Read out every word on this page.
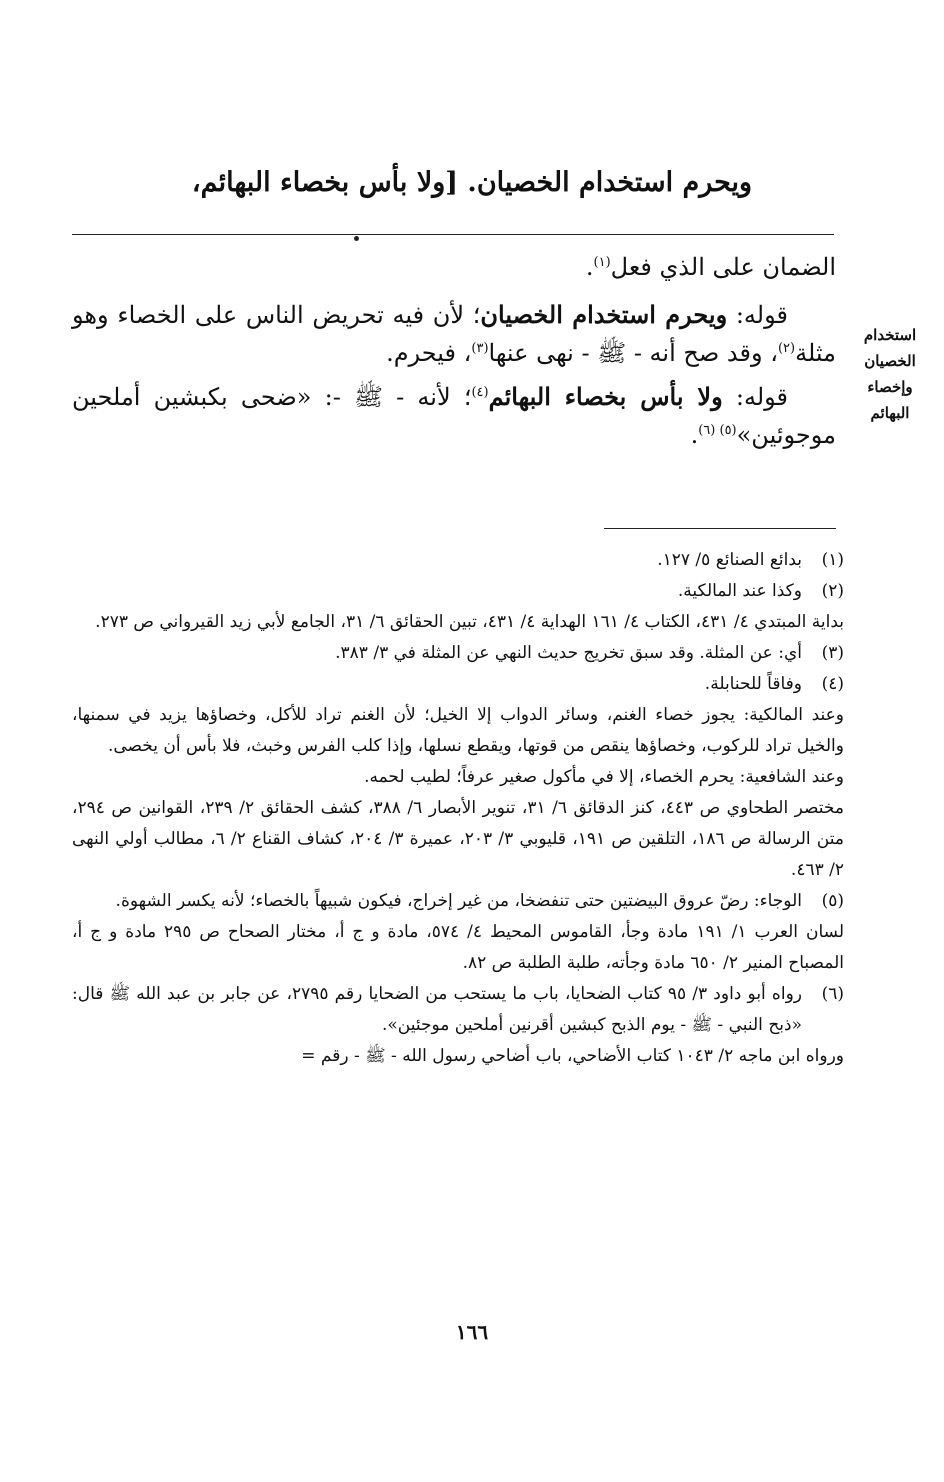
ويحرم استخدام الخصيان. [ولا بأس بخصاء البهائم،
استخدام
الخصيان
وإخصاء
البهائم

الضمان على الذي فعل$^{(١)}$.

قوله: ويحرم استخدام الخصيان؛ لأن فيه تحريض الناس على الخصاء وهو مثلة$^{(٢)}$، وقد صح أنه - ﷺ - نهى عنها$^{(٣)}$، فيحرم.

قوله: ولا بأس بخصاء البهائم$^{(٤)}$؛ لأنه - ﷺ -: «ضحى بكبشين أملحين موجوئين»$^{(٥) (٦)}$.

(١)
بدائع الصنائع ٥/ ١٢٧.
(٢)
وكذا عند المالكية.

بداية المبتدي ٤/ ٤٣١، الكتاب ٤/ ١٦١ الهداية ٤/ ٤٣١، تبين الحقائق ٦/ ٣١، الجامع لأبي زيد القيرواني ص ٢٧٣.

(٣)
أي: عن المثلة. وقد سبق تخريج حديث النهي عن المثلة في ٣/ ٣٨٣.
(٤)
وفاقاً للحنابلة.

وعند المالكية: يجوز خصاء الغنم، وسائر الدواب إلا الخيل؛ لأن الغنم تراد للأكل، وخصاؤها يزيد في سمنها، والخيل تراد للركوب، وخصاؤها ينقص من قوتها، ويقطع نسلها، وإذا كلب الفرس وخبث، فلا بأس أن يخصى.

وعند الشافعية: يحرم الخصاء، إلا في مأكول صغير عرفاً؛ لطيب لحمه.

مختصر الطحاوي ص ٤٤٣، كنز الدقائق ٦/ ٣١، تنوير الأبصار ٦/ ٣٨٨، كشف الحقائق ٢/ ٢٣٩، القوانين ص ٢٩٤، متن الرسالة ص ١٨٦، التلقين ص ١٩١، قليوبي ٣/ ٢٠٣، عميرة ٣/ ٢٠٤، كشاف القناع ٢/ ٦، مطالب أولي النهى ٢/ ٤٦٣.

(٥)
الوجاء: رضّ عروق البيضتين حتى تنفضخا، من غير إخراج، فيكون شبيهاً بالخصاء؛ لأنه يكسر الشهوة.

لسان العرب ١/ ١٩١ مادة وجأ، القاموس المحيط ٤/ ٥٧٤، مادة و ج أ، مختار الصحاح ص ٢٩٥ مادة و ج أ، المصباح المنير ٢/ ٦٥٠ مادة وجأته، طلبة الطلبة ص ٨٢.

(٦)
رواه أبو داود ٣/ ٩٥ كتاب الضحايا، باب ما يستحب من الضحايا رقم ٢٧٩٥، عن جابر بن عبد الله ﷺ قال: «ذبح النبي - ﷺ - يوم الذبح كبشين أقرنين أملحين موجئين».

ورواه ابن ماجه ٢/ ١٠٤٣ كتاب الأضاحي، باب أضاحي رسول الله - ﷺ - رقم =

١٦٦
